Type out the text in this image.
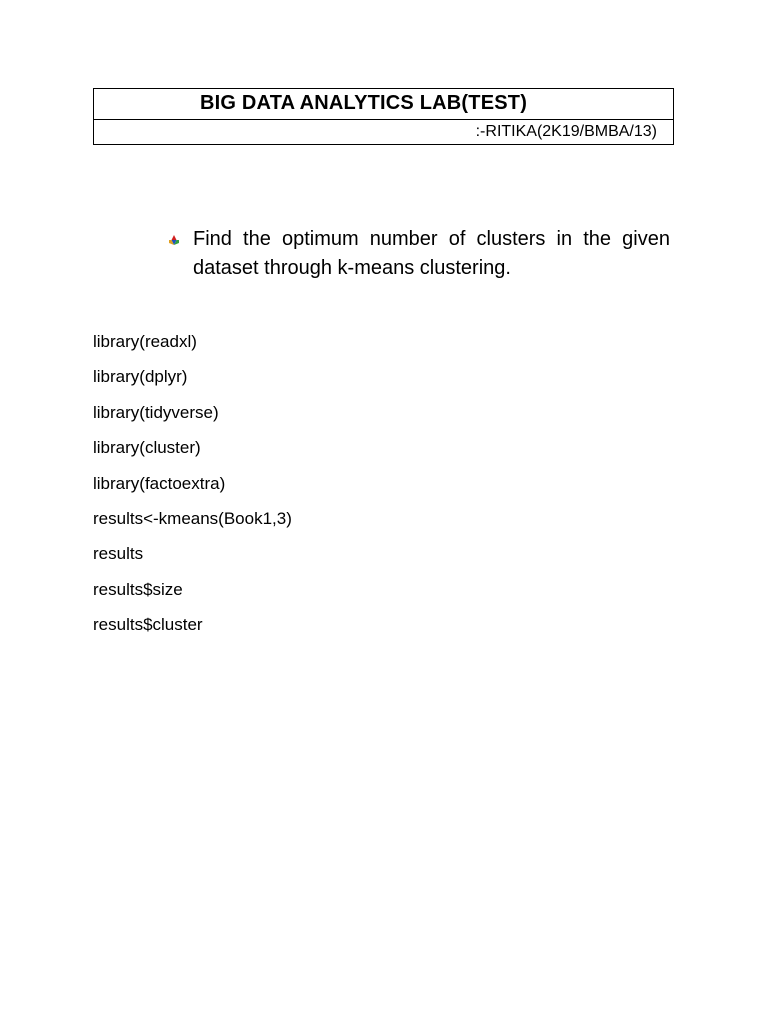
BIG DATA ANALYTICS LAB(TEST)
:-RITIKA(2K19/BMBA/13)
Find the optimum number of clusters in the given dataset through k-means clustering.
library(readxl)
library(dplyr)
library(tidyverse)
library(cluster)
library(factoextra)
results<-kmeans(Book1,3)
results
results$size
results$cluster
